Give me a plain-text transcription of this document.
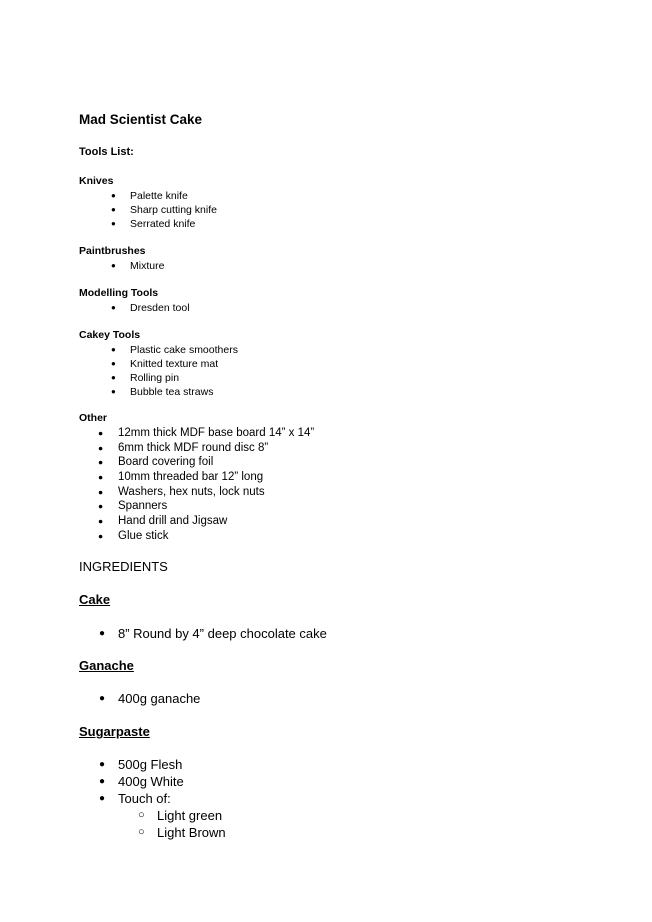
Mad Scientist Cake
Tools List:
Knives
● Palette knife
● Sharp cutting knife
● Serrated knife
Paintbrushes
● Mixture
Modelling Tools
● Dresden tool
Cakey Tools
● Plastic cake smoothers
● Knitted texture mat
● Rolling pin
● Bubble tea straws
Other
● 12mm thick MDF base board 14” x 14”
● 6mm thick MDF round disc 8”
● Board covering foil
● 10mm threaded bar 12” long
● Washers, hex nuts, lock nuts
● Spanners
● Hand drill and Jigsaw
● Glue stick
INGREDIENTS
Cake
● 8” Round by 4” deep chocolate cake
Ganache
● 400g ganache
Sugarpaste
● 500g Flesh
● 400g White
● Touch of:
○ Light green
○ Light Brown
